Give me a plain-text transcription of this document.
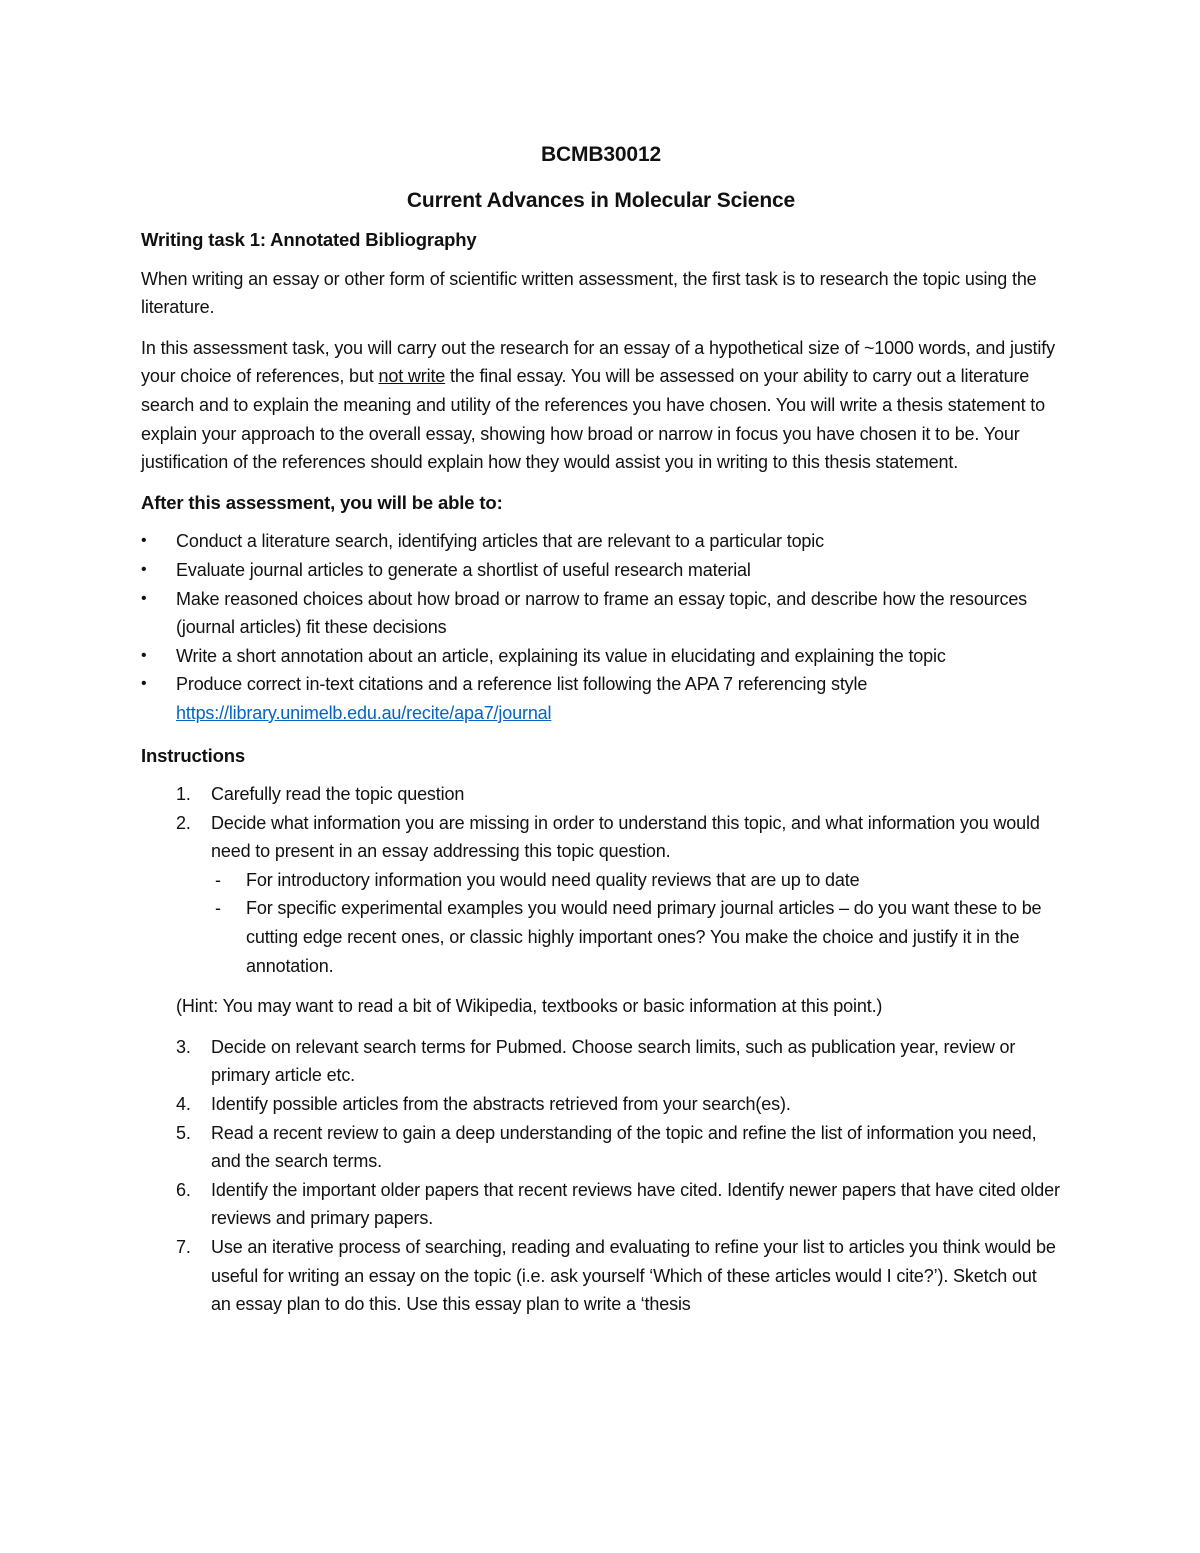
BCMB30012
Current Advances in Molecular Science
Writing task 1: Annotated Bibliography

When writing an essay or other form of scientific written assessment, the first task is to research the topic using the literature.

In this assessment task, you will carry out the research for an essay of a hypothetical size of ~1000 words, and justify your choice of references, but not write the final essay. You will be assessed on your ability to carry out a literature search and to explain the meaning and utility of the references you have chosen. You will write a thesis statement to explain your approach to the overall essay, showing how broad or narrow in focus you have chosen it to be. Your justification of the references should explain how they would assist you in writing to this thesis statement.

After this assessment, you will be able to:
•	Conduct a literature search, identifying articles that are relevant to a particular topic
•	Evaluate journal articles to generate a shortlist of useful research material
•	Make reasoned choices about how broad or narrow to frame an essay topic, and describe how the resources (journal articles) fit these decisions
•	Write a short annotation about an article, explaining its value in elucidating and explaining the topic
•	Produce correct in-text citations and a reference list following the APA 7 referencing style
https://library.unimelb.edu.au/recite/apa7/journal
Instructions
1. Carefully read the topic question
2. Decide what information you are missing in order to understand this topic, and what information you would need to present in an essay addressing this topic question.
- For introductory information you would need quality reviews that are up to date
- For specific experimental examples you would need primary journal articles – do you want these to be cutting edge recent ones, or classic highly important ones? You make the choice and justify it in the annotation.
(Hint: You may want to read a bit of Wikipedia, textbooks or basic information at this point.)
3. Decide on relevant search terms for Pubmed. Choose search limits, such as publication year, review or primary article etc.
4. Identify possible articles from the abstracts retrieved from your search(es).
5. Read a recent review to gain a deep understanding of the topic and refine the list of information you need, and the search terms.
6. Identify the important older papers that recent reviews have cited. Identify newer papers that have cited older reviews and primary papers.
7. Use an iterative process of searching, reading and evaluating to refine your list to articles you think would be useful for writing an essay on the topic (i.e. ask yourself ‘Which of these articles would I cite?’). Sketch out an essay plan to do this. Use this essay plan to write a ‘thesis
